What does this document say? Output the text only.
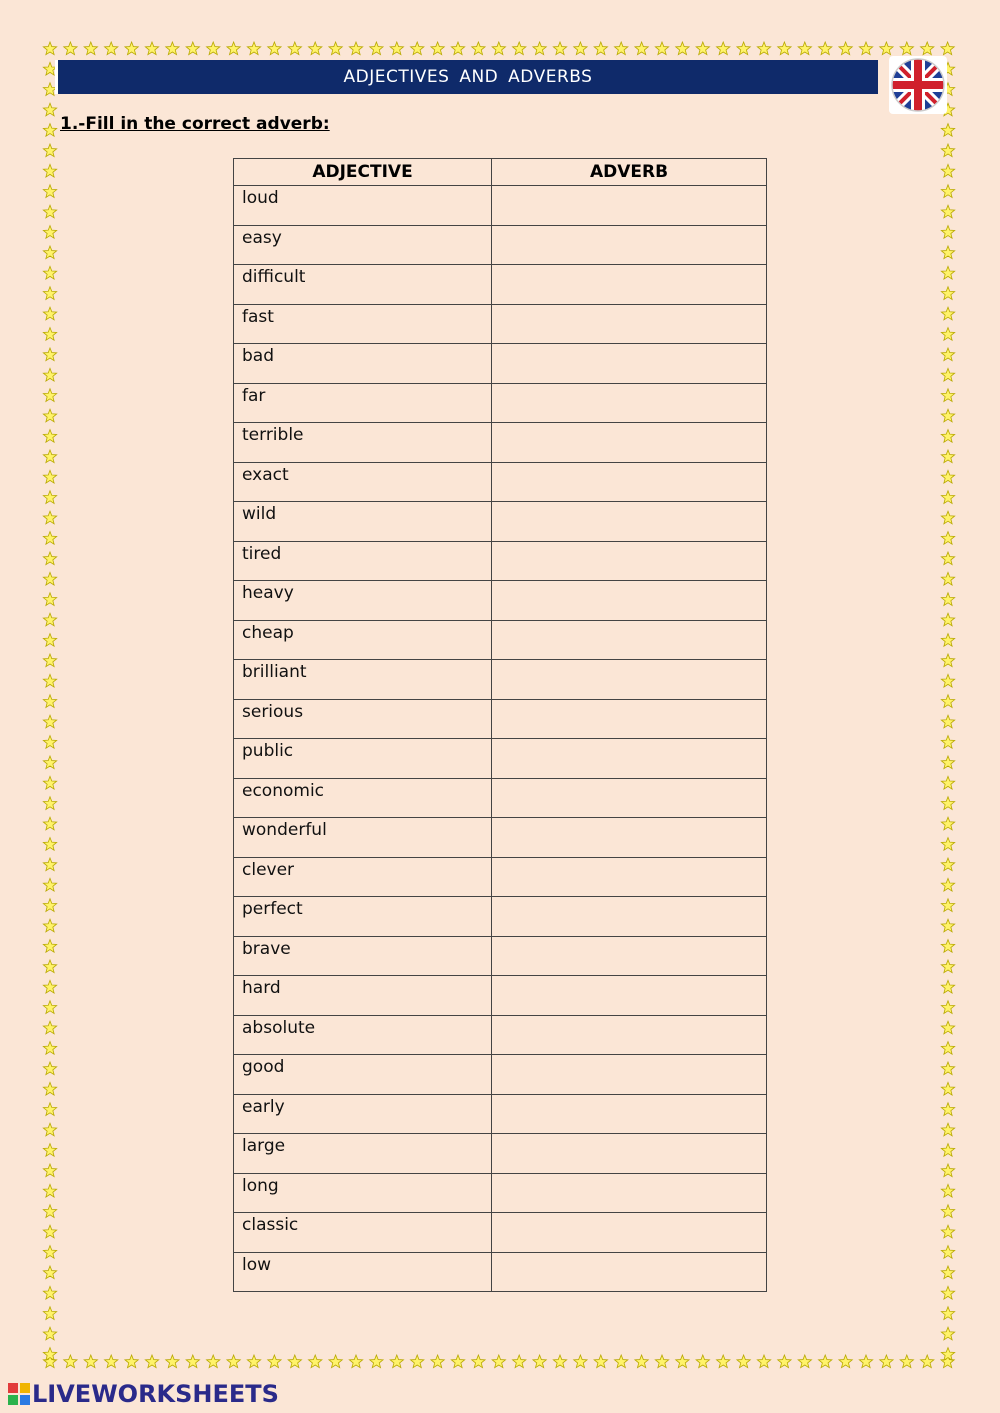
ADJECTIVES AND ADVERBS
1.-Fill in the correct adverb:
ADJECTIVE	ADVERB
loud	
easy	
difficult	
fast	
bad	
far	
terrible	
exact	
wild	
tired	
heavy	
cheap	
brilliant	
serious	
public	
economic	
wonderful	
clever	
perfect	
brave	
hard	
absolute	
good	
early	
large	
long	
classic	
low	
LIVEWORKSHEETS
